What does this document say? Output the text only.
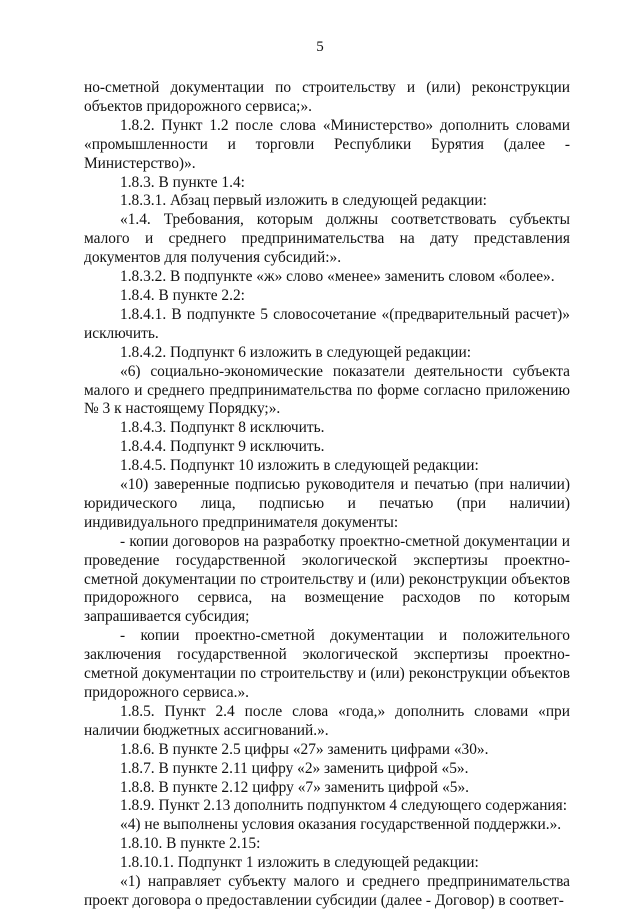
5

но-сметной документации по строительству и (или) реконструкции объектов придорожного сервиса;».

1.8.2. Пункт 1.2 после слова «Министерство» дополнить словами «промышленности и торговли Республики Бурятия (далее - Министерство)».

1.8.3. В пункте 1.4:

1.8.3.1. Абзац первый изложить в следующей редакции:

«1.4. Требования, которым должны соответствовать субъекты малого и среднего предпринимательства на дату представления документов для получения субсидий:».

1.8.3.2. В подпункте «ж» слово «менее» заменить словом «более».

1.8.4. В пункте 2.2:

1.8.4.1. В подпункте 5 словосочетание «(предварительный расчет)» исключить.

1.8.4.2. Подпункт 6 изложить в следующей редакции:

«6) социально-экономические показатели деятельности субъекта малого и среднего предпринимательства по форме согласно приложению № 3 к настоящему Порядку;».

1.8.4.3. Подпункт 8 исключить.

1.8.4.4. Подпункт 9 исключить.

1.8.4.5. Подпункт 10 изложить в следующей редакции:

«10) заверенные подписью руководителя и печатью (при наличии) юридического лица, подписью и печатью (при наличии) индивидуального предпринимателя документы:

- копии договоров на разработку проектно-сметной документации и проведение государственной экологической экспертизы проектно-сметной документации по строительству и (или) реконструкции объектов придорожного сервиса, на возмещение расходов по которым запрашивается субсидия;

- копии проектно-сметной документации и положительного заключения государственной экологической экспертизы проектно-сметной документации по строительству и (или) реконструкции объектов придорожного сервиса.».

1.8.5. Пункт 2.4 после слова «года,» дополнить словами «при наличии бюджетных ассигнований.».

1.8.6. В пункте 2.5 цифры «27» заменить цифрами «30».

1.8.7. В пункте 2.11 цифру «2» заменить цифрой «5».

1.8.8. В пункте 2.12 цифру «7» заменить цифрой «5».

1.8.9. Пункт 2.13 дополнить подпунктом 4 следующего содержания:

«4) не выполнены условия оказания государственной поддержки.».

1.8.10. В пункте 2.15:

1.8.10.1. Подпункт 1 изложить в следующей редакции:

«1) направляет субъекту малого и среднего предпринимательства проект договора о предоставлении субсидии (далее - Договор) в соответ-
